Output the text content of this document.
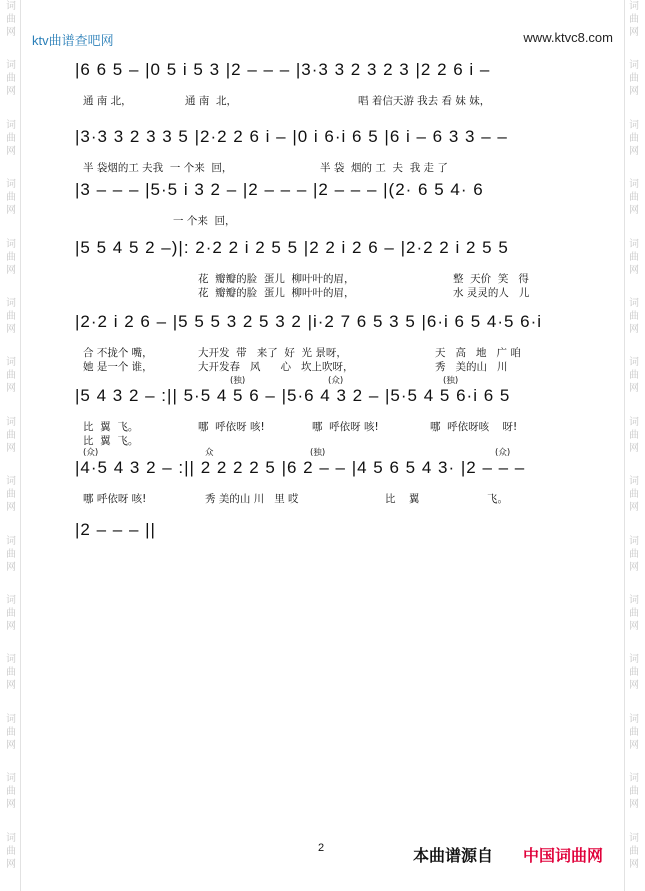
词
曲
网
词
曲
网
词
曲
网
词
曲
网
词
曲
网
词
曲
网
词
曲
网
词
曲
网
词
曲
网
词
曲
网
词
曲
网
词
曲
网
词
曲
网
词
曲
网
词
曲
网
词
曲
网
词
曲
网
词
曲
网
词
曲
网
词
曲
网
词
曲
网
词
曲
网
词
曲
网
词
曲
网
词
曲
网
词
曲
网
词
曲
网
词
曲
网
词
曲
网
词
曲
网
ktv曲谱查吧网	www.ktvc8.com
|6 6 5 – |0 5 i 5 3 |2 – – – |3·3 3 2 3 2 3 |2 2 6 i –
通 南 北，	通 南  北，	唱 着信天游 我去 看 妹 妹，
|3·3 3 2 3 3 5 |2·2 2 6 i – |0 i 6·i 6 5 |6 i – 6 3 3 – –
半 袋烟的工 夫我  一 个来  回，	半 袋  烟的 工  夫  我 走 了
|3 – – – |5·5 i 3 2 – |2 – – – |2 – – – |(2· 6 5 4· 6
一 个来  回，
|5 5 4 5 2 –)|: 2·2 2 i 2 5 5 |2 2 i 2 6 – |2·2 2 i 2 5 5
花  瓣瓣的脸  蛋儿  柳叶叶的眉，	整  天价  笑   得
花  瓣瓣的脸  蛋儿  柳叶叶的眉，	水 灵灵的人   儿
|2·2 i 2 6 – |5 5 5 3 2 5 3 2 |i·2 7 6 5 3 5 |6·i 6 5 4·5 6·i
合 不拢个 嘴，	大开发  带   来了  好  光 景呀，	天   高   地   广 咱
她 是一个 谁，	大开发春   风      心   坎上吹呀，	秀   美的山   川
|5 4 3 2 – :|| 5·5 4 5 6 – |5·6 4 3 2 – |5·5 4 5 6·i 6 5
(独)	(众)	(独)
比  翼  飞。	哪  呼依呀 咳!	哪  呼依呀 咳!	哪  呼依呀咳    呀!
比  翼  飞。
|4·5 4 3 2 – :|| 2 2 2 2 5 |6 2 – – |4 5 6 5 4 3· |2 – – –
(众)	众	(独)	(众)
哪 呼依呀 咳!	秀 美的山 川   里 哎	比    翼	飞。
|2 – – – ||
2	本曲谱源自 中国词曲网
